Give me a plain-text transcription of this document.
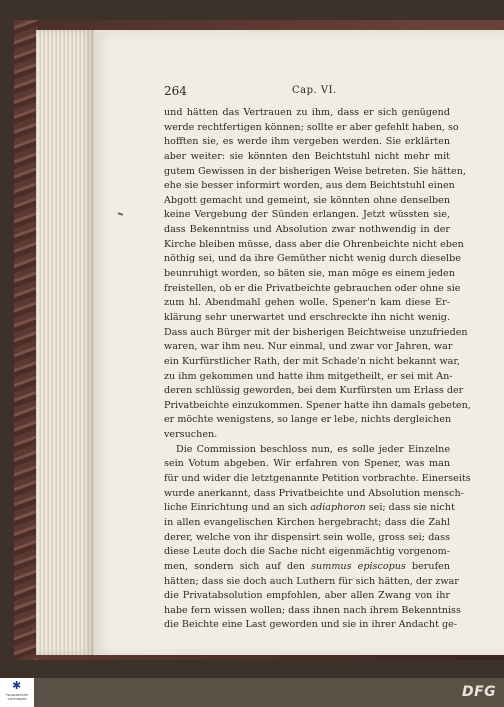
264	Cap. VI.
und hätten das Vertrauen zu ihm, dass er sich genügend
werde rechtfertigen können; sollte er aber gefehlt haben, so
hofften sie, es werde ihm vergeben werden. Sie erklärten
aber weiter: sie könnten den Beichtstuhl nicht mehr mit
gutem Gewissen in der bisherigen Weise betreten. Sie hätten,
ehe sie besser informirt worden, aus dem Beichtstuhl einen
Abgott gemacht und gemeint, sie könnten ohne denselben
keine Vergebung der Sünden erlangen. Jetzt wüssten sie,
dass Bekenntniss und Absolution zwar nothwendig in der
Kirche bleiben müsse, dass aber die Ohrenbeichte nicht eben
nöthig sei, und da ihre Gemüther nicht wenig durch dieselbe
beunruhigt worden, so bäten sie, man möge es einem jeden
freistellen, ob er die Privatbeichte gebrauchen oder ohne sie
zum hl. Abendmahl gehen wolle. Spener'n kam diese Er-
klärung sehr unerwartet und erschreckte ihn nicht wenig.
Dass auch Bürger mit der bisherigen Beichtweise unzufrieden
waren, war ihm neu. Nur einmal, und zwar vor Jahren, war
ein Kurfürstlicher Rath, der mit Schade'n nicht bekannt war,
zu ihm gekommen und hatte ihm mitgetheilt, er sei mit An-
deren schlüssig geworden, bei dem Kurfürsten um Erlass der
Privatbeichte einzukommen. Spener hatte ihn damals gebeten,
er möchte wenigstens, so lange er lebe, nichts dergleichen
versuchen.
Die Commission beschloss nun, es solle jeder Einzelne
sein Votum abgeben. Wir erfahren von Spener, was man
für und wider die letztgenannte Petition vorbrachte. Einerseits
wurde anerkannt, dass Privatbeichte und Absolution mensch-
liche Einrichtung und an sich adiaphoron sei; dass sie nicht
in allen evangelischen Kirchen hergebracht; dass die Zahl
derer, welche von ihr dispensirt sein wolle, gross sei; dass
diese Leute doch die Sache nicht eigenmächtig vorgenom-
men, sondern sich auf den summus episcopus berufen
hätten; dass sie doch auch Luthern für sich hätten, der zwar
die Privatabsolution empfohlen, aber allen Zwang von ihr
habe fern wissen wollen; dass ihnen nach ihrem Bekenntniss
die Beichte eine Last geworden und sie in ihrer Andacht ge-
✱
FRANCKESCHE STIFTUNGEN	DFG
